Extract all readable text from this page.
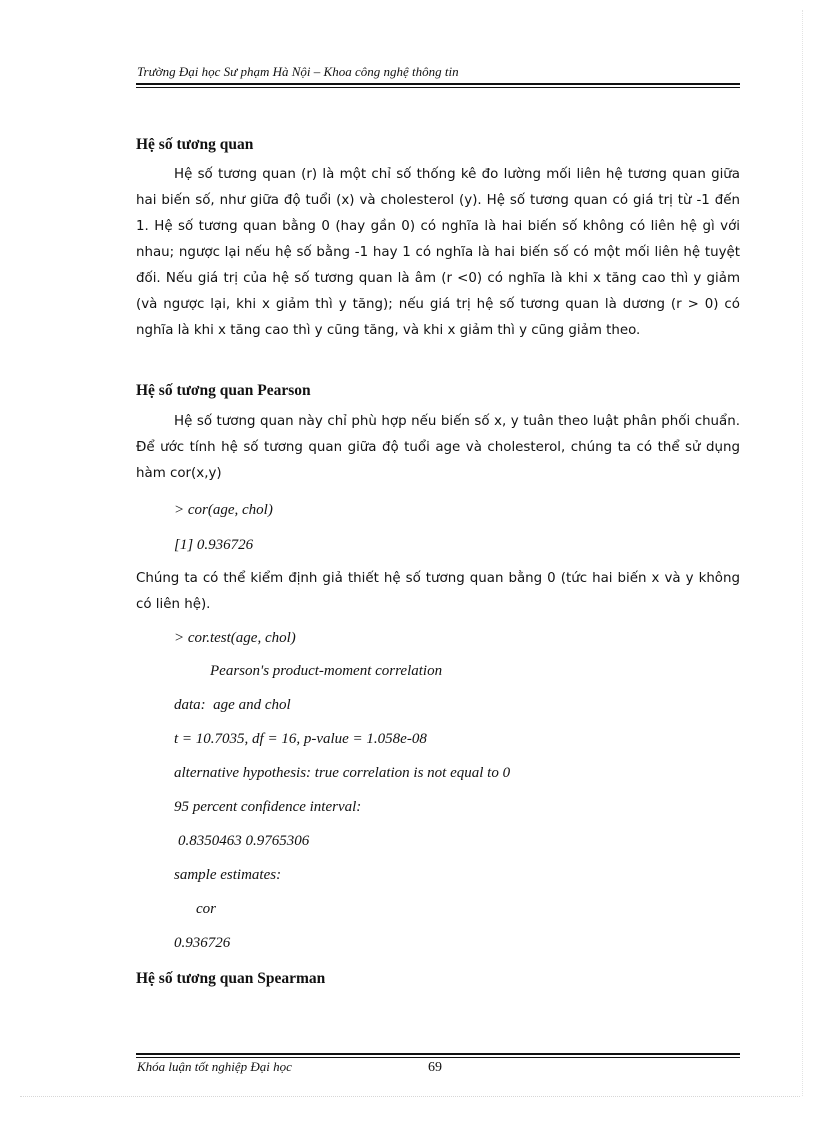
Trường Đại học Sư phạm Hà Nội – Khoa công nghệ thông tin
Hệ số tương quan
Hệ số tương quan (r) là một chỉ số thống kê đo lường mối liên hệ tương quan giữa hai biến số, như giữa độ tuổi (x) và cholesterol (y). Hệ số tương quan có giá trị từ -1 đến 1. Hệ số tương quan bằng 0 (hay gần 0) có nghĩa là hai biến số không có liên hệ gì với nhau; ngược lại nếu hệ số bằng -1 hay 1 có nghĩa là hai biến số có một mối liên hệ tuyệt đối. Nếu giá trị của hệ số tương quan là âm (r <0) có nghĩa là khi x tăng cao thì y giảm (và ngược lại, khi x giảm thì y tăng); nếu giá trị hệ số tương quan là dương (r > 0) có nghĩa là khi x tăng cao thì y cũng tăng, và khi x giảm thì y cũng giảm theo.
Hệ số tương quan Pearson
Hệ số tương quan này chỉ phù hợp nếu biến số x, y tuân theo luật phân phối chuẩn. Để ước tính hệ số tương quan giữa độ tuổi age và cholesterol, chúng ta có thể sử dụng hàm cor(x,y)
> cor(age, chol)
[1] 0.936726
Chúng ta có thể kiểm định giả thiết hệ số tương quan bằng 0 (tức hai biến x và y không có liên hệ).
> cor.test(age, chol)
Pearson's product-moment correlation
data:  age and chol
t = 10.7035, df = 16, p-value = 1.058e-08
alternative hypothesis: true correlation is not equal to 0
95 percent confidence interval:
0.8350463 0.9765306
sample estimates:
cor
0.936726
Hệ số tương quan Spearman
Khóa luận tốt nghiệp Đại học	69
